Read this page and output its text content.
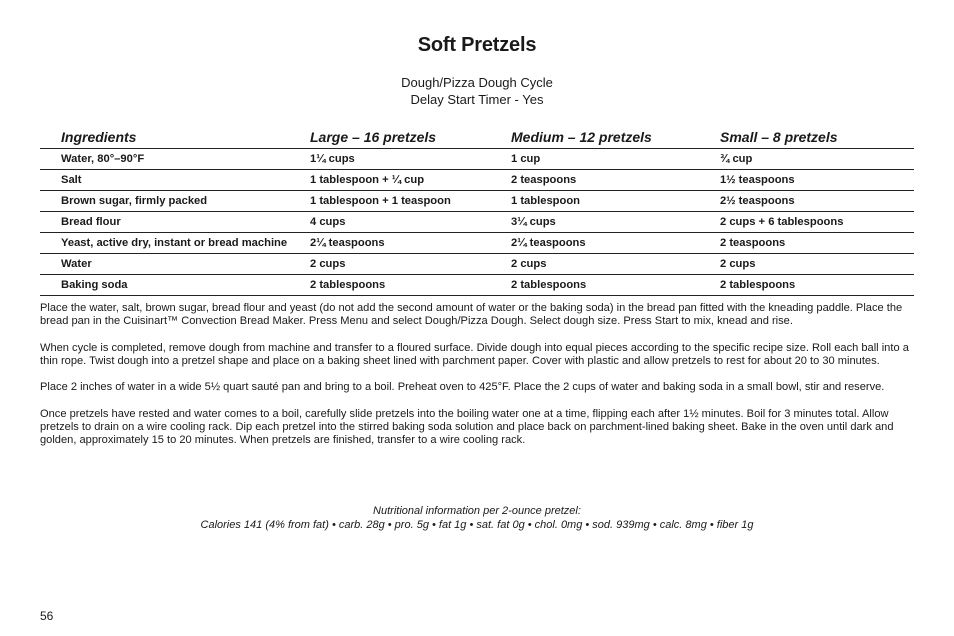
Soft Pretzels
Dough/Pizza Dough Cycle
Delay Start Timer - Yes
Ingredients	Large – 16 pretzels	Medium – 12 pretzels	Small – 8 pretzels
Water, 80°–90°F	1¼ cups	1 cup	¾ cup
Salt	1 tablespoon + ¼ cup	2 teaspoons	1½ teaspoons
Brown sugar, firmly packed	1 tablespoon + 1 teaspoon	1 tablespoon	2½ teaspoons
Bread flour	4 cups	3¼ cups	2 cups + 6 tablespoons
Yeast, active dry, instant or bread machine	2¼ teaspoons	2¼ teaspoons	2 teaspoons
Water	2 cups	2 cups	2 cups
Baking soda	2 tablespoons	2 tablespoons	2 tablespoons

Place the water, salt, brown sugar, bread flour and yeast (do not add the second amount of water or the baking soda) in the bread pan fitted with the kneading paddle. Place the bread pan in the Cuisinart™ Convection Bread Maker. Press Menu and select Dough/Pizza Dough. Select dough size. Press Start to mix, knead and rise.

When cycle is completed, remove dough from machine and transfer to a floured surface. Divide dough into equal pieces according to the specific recipe size. Roll each ball into a thin rope. Twist dough into a pretzel shape and place on a baking sheet lined with parchment paper. Cover with plastic and allow pretzels to rest for about 20 to 30 minutes.

Place 2 inches of water in a wide 5½ quart sauté pan and bring to a boil. Preheat oven to 425°F. Place the 2 cups of water and baking soda in a small bowl, stir and reserve.

Once pretzels have rested and water comes to a boil, carefully slide pretzels into the boiling water one at a time, flipping each after 1½ minutes. Boil for 3 minutes total. Allow pretzels to drain on a wire cooling rack. Dip each pretzel into the stirred baking soda solution and place back on parchment-lined baking sheet. Bake in the oven until dark and golden, approximately 15 to 20 minutes. When pretzels are finished, transfer to a wire cooling rack.

Nutritional information per 2-ounce pretzel:
Calories 141 (4% from fat) • carb. 28g • pro. 5g • fat 1g • sat. fat 0g • chol. 0mg • sod. 939mg • calc. 8mg • fiber 1g
56
